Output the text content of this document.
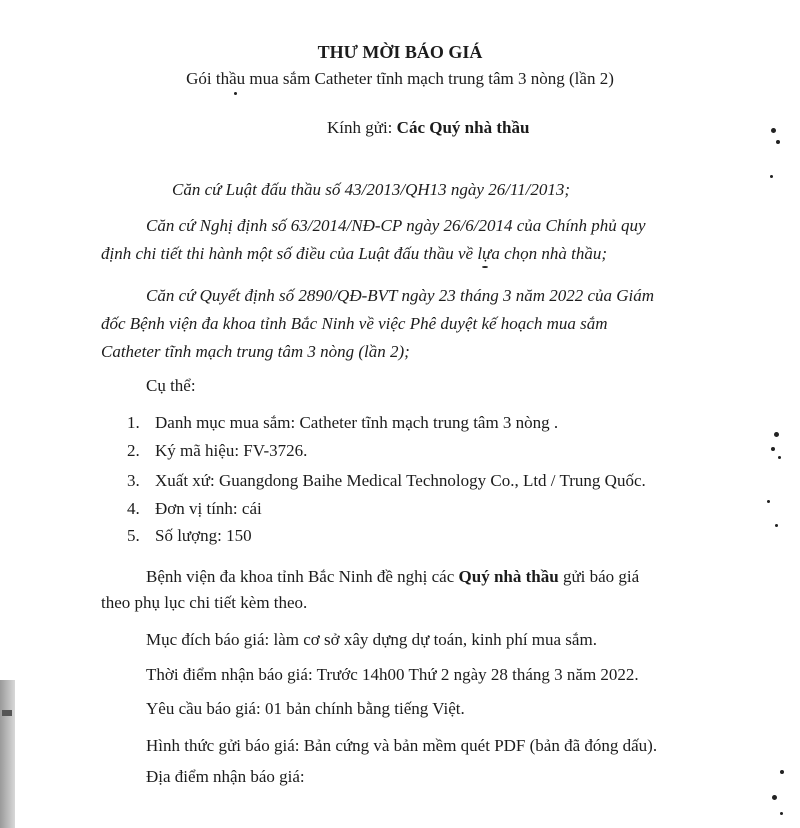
THƯ MỜI BÁO GIÁ
Gói thầu mua sắm Catheter tĩnh mạch trung tâm 3 nòng (lần 2)
Kính gửi: Các Quý nhà thầu
Căn cứ Luật đấu thầu số 43/2013/QH13 ngày 26/11/2013;
Căn cứ Nghị định số 63/2014/NĐ-CP ngày 26/6/2014 của Chính phủ quy
định chi tiết thi hành một số điều của Luật đấu thầu về lựa chọn nhà thầu;
Căn cứ Quyết định số 2890/QĐ-BVT ngày 23 tháng 3 năm 2022 của Giám
đốc Bệnh viện đa khoa tỉnh Bắc Ninh về việc Phê duyệt kế hoạch mua sắm
Catheter tĩnh mạch trung tâm 3 nòng (lần 2);
Cụ thể:
1. Danh mục mua sắm: Catheter tĩnh mạch trung tâm 3 nòng .
2. Ký mã hiệu: FV-3726.
3. Xuất xứ: Guangdong Baihe Medical Technology Co., Ltd / Trung Quốc.
4. Đơn vị tính: cái
5. Số lượng: 150
Bệnh viện đa khoa tỉnh Bắc Ninh đề nghị các Quý nhà thầu gửi báo giá
theo phụ lục chi tiết kèm theo.
Mục đích báo giá: làm cơ sở xây dựng dự toán, kinh phí mua sắm.
Thời điểm nhận báo giá: Trước 14h00 Thứ 2 ngày 28 tháng 3 năm 2022.
Yêu cầu báo giá: 01 bản chính bằng tiếng Việt.
Hình thức gửi báo giá: Bản cứng và bản mềm quét PDF (bản đã đóng dấu).
Địa điểm nhận báo giá:
